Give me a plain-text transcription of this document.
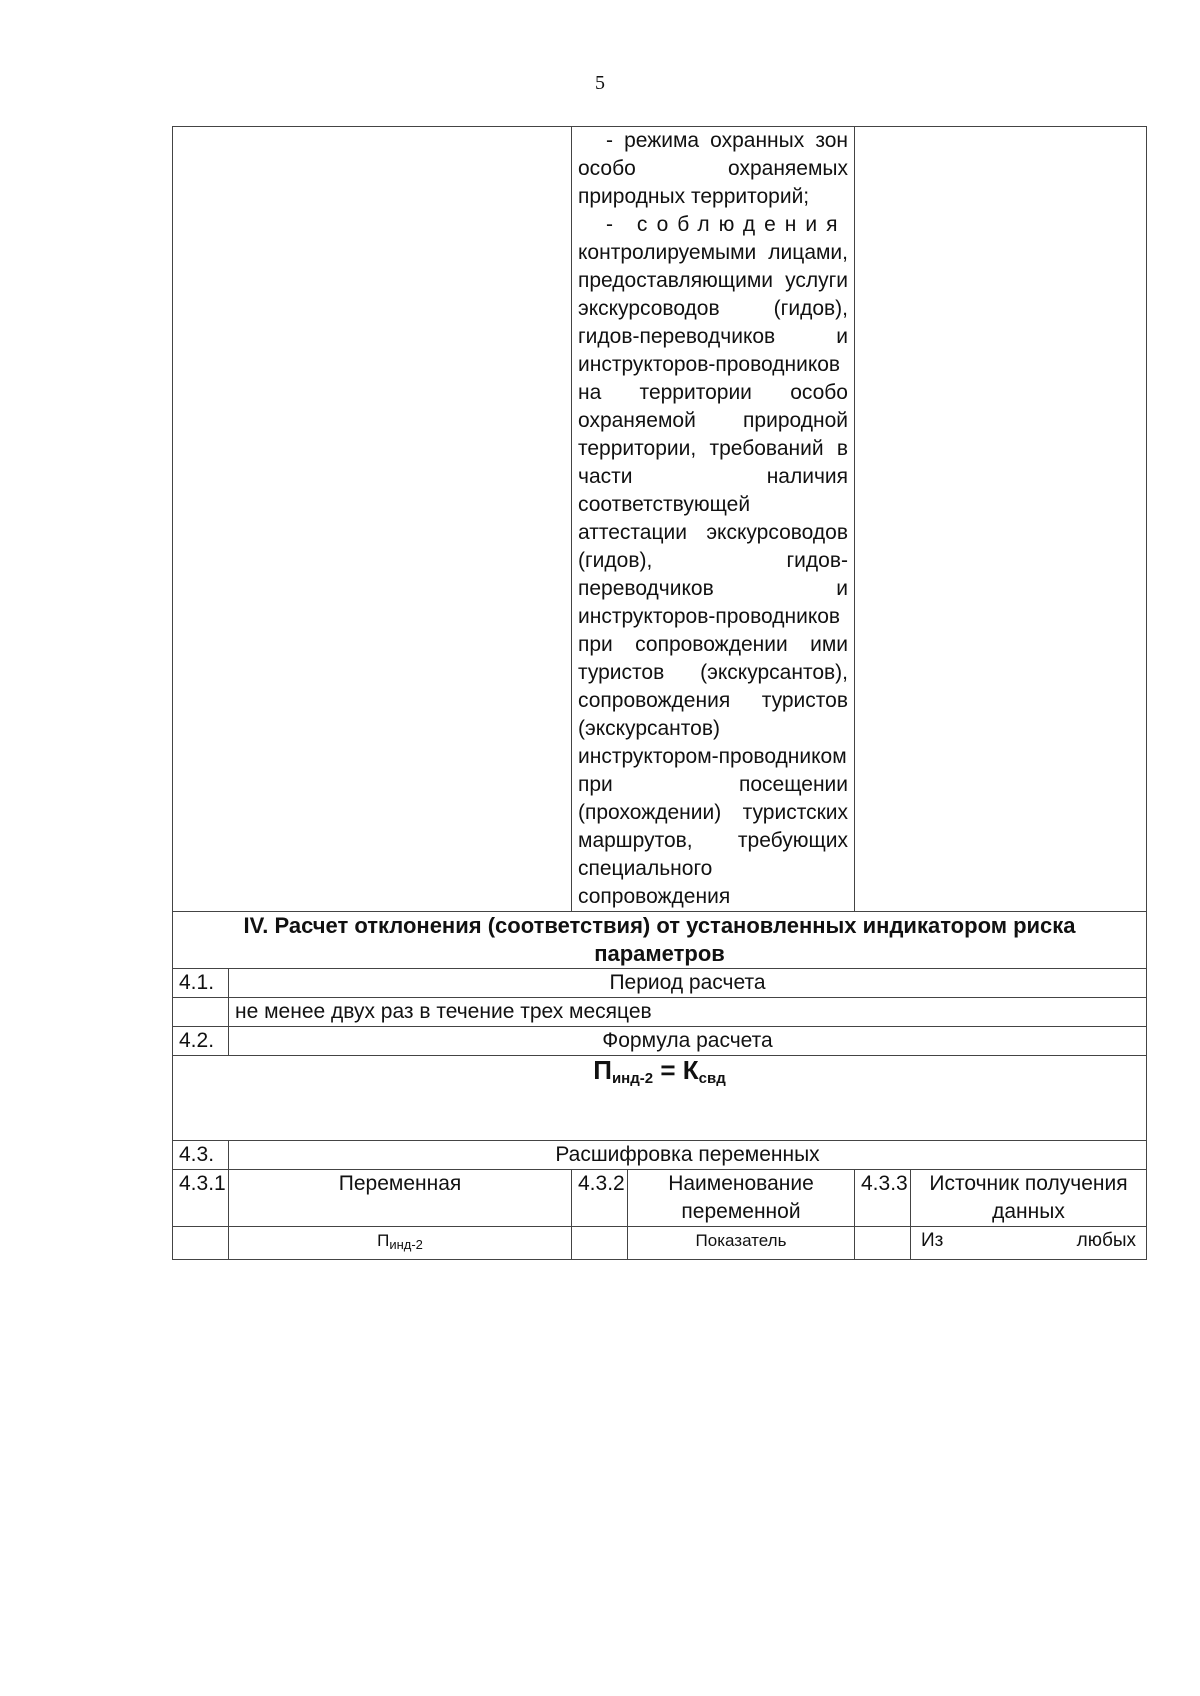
5

		- режима охранных зон особо охраняемых природных территорий;
- соблюдения
контролируемыми лицами, предоставляющими услуги экскурсоводов (гидов), гидов-переводчиков и инструкторов-проводников на территории особо охраняемой природной территории, требований в части наличия соответствующей аттестации экскурсоводов (гидов), гидов-переводчиков и инструкторов-проводников при сопровождении ими туристов (экскурсантов), сопровождения туристов (экскурсантов) инструктором-проводником при посещении (прохождении) туристских маршрутов, требующих специального сопровождения			

IV. Расчет отклонения (соответствия) от установленных индикатором риска параметров					
4.1.	Период расчета				
	не менее двух раз в течение трех месяцев				
4.2.	Формула расчета				
$П_{инд-2} = К_{свд}$
4.3.	Расшифровка переменных				
4.3.1	Переменная	4.3.2	Наименование переменной	4.3.3	Источник получения данных
	$П_{инд-2}$		Показатель		Из любых
